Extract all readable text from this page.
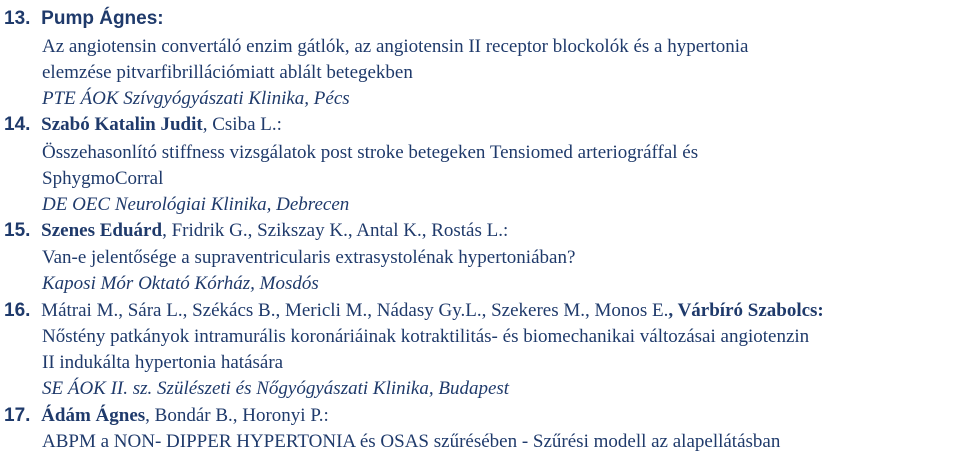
13. Pump Ágnes:
Az angiotensin convertáló enzim gátlók, az angiotensin II receptor blockolók és a hypertonia
elemzése pitvarfibrillációmiatt ablált betegekben
PTE ÁOK Szívgyógyászati Klinika, Pécs
14. Szabó Katalin Judit, Csiba L.:
Összehasonlító stiffness vizsgálatok post stroke betegeken Tensiomed arteriográffal és
SphygmoCorral
DE OEC Neurológiai Klinika, Debrecen
15. Szenes Eduárd, Fridrik G., Szikszay K., Antal K., Rostás L.:
Van-e jelentősége a supraventricularis extrasystolénak hypertoniában?
Kaposi Mór Oktató Kórház, Mosdós
16. Mátrai M., Sára L., Székács B., Mericli M., Nádasy Gy.L., Szekeres M., Monos E., Várbíró Szabolcs:
Nőstény patkányok intramurális koronáriáinak kotraktilitás- és biomechanikai változásai angiotenzin
II indukálta hypertonia hatására
SE ÁOK II. sz. Szülészeti és Nőgyógyászati Klinika, Budapest
17. Ádám Ágnes, Bondár B., Horonyi P.:
ABPM a NON- DIPPER HYPERTONIA és OSAS szűrésében - Szűrési modell az alapellátásban
